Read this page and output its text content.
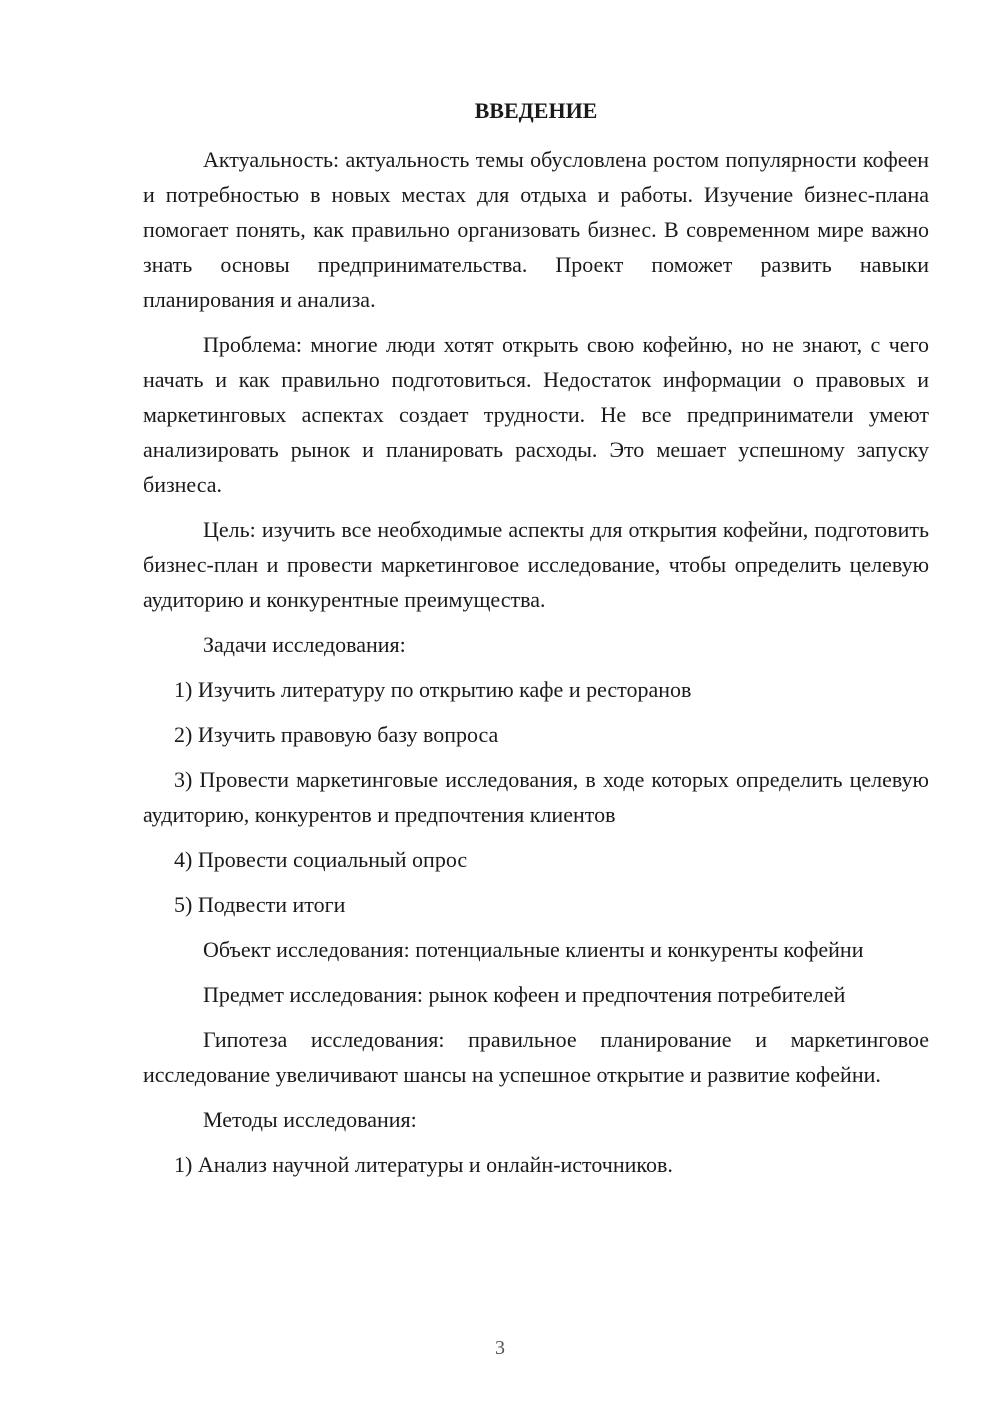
ВВЕДЕНИЕ

Актуальность: актуальность темы обусловлена ростом популярности кофеен и потребностью в новых местах для отдыха и работы. Изучение бизнес-плана помогает понять, как правильно организовать бизнес. В современном мире важно знать основы предпринимательства. Проект поможет развить навыки планирования и анализа.

Проблема: многие люди хотят открыть свою кофейню, но не знают, с чего начать и как правильно подготовиться. Недостаток информации о правовых и маркетинговых аспектах создает трудности. Не все предприниматели умеют анализировать рынок и планировать расходы. Это мешает успешному запуску бизнеса.

Цель: изучить все необходимые аспекты для открытия кофейни, подготовить бизнес-план и провести маркетинговое исследование, чтобы определить целевую аудиторию и конкурентные преимущества.

Задачи исследования:

1) Изучить литературу по открытию кафе и ресторанов

2) Изучить правовую базу вопроса

3) Провести маркетинговые исследования, в ходе которых определить целевую аудиторию, конкурентов и предпочтения клиентов

4) Провести социальный опрос

5) Подвести итоги

Объект исследования: потенциальные клиенты и конкуренты кофейни

Предмет исследования: рынок кофеен и предпочтения потребителей

Гипотеза исследования: правильное планирование и маркетинговое исследование увеличивают шансы на успешное открытие и развитие кофейни.

Методы исследования:

1) Анализ научной литературы и онлайн-источников.

3
